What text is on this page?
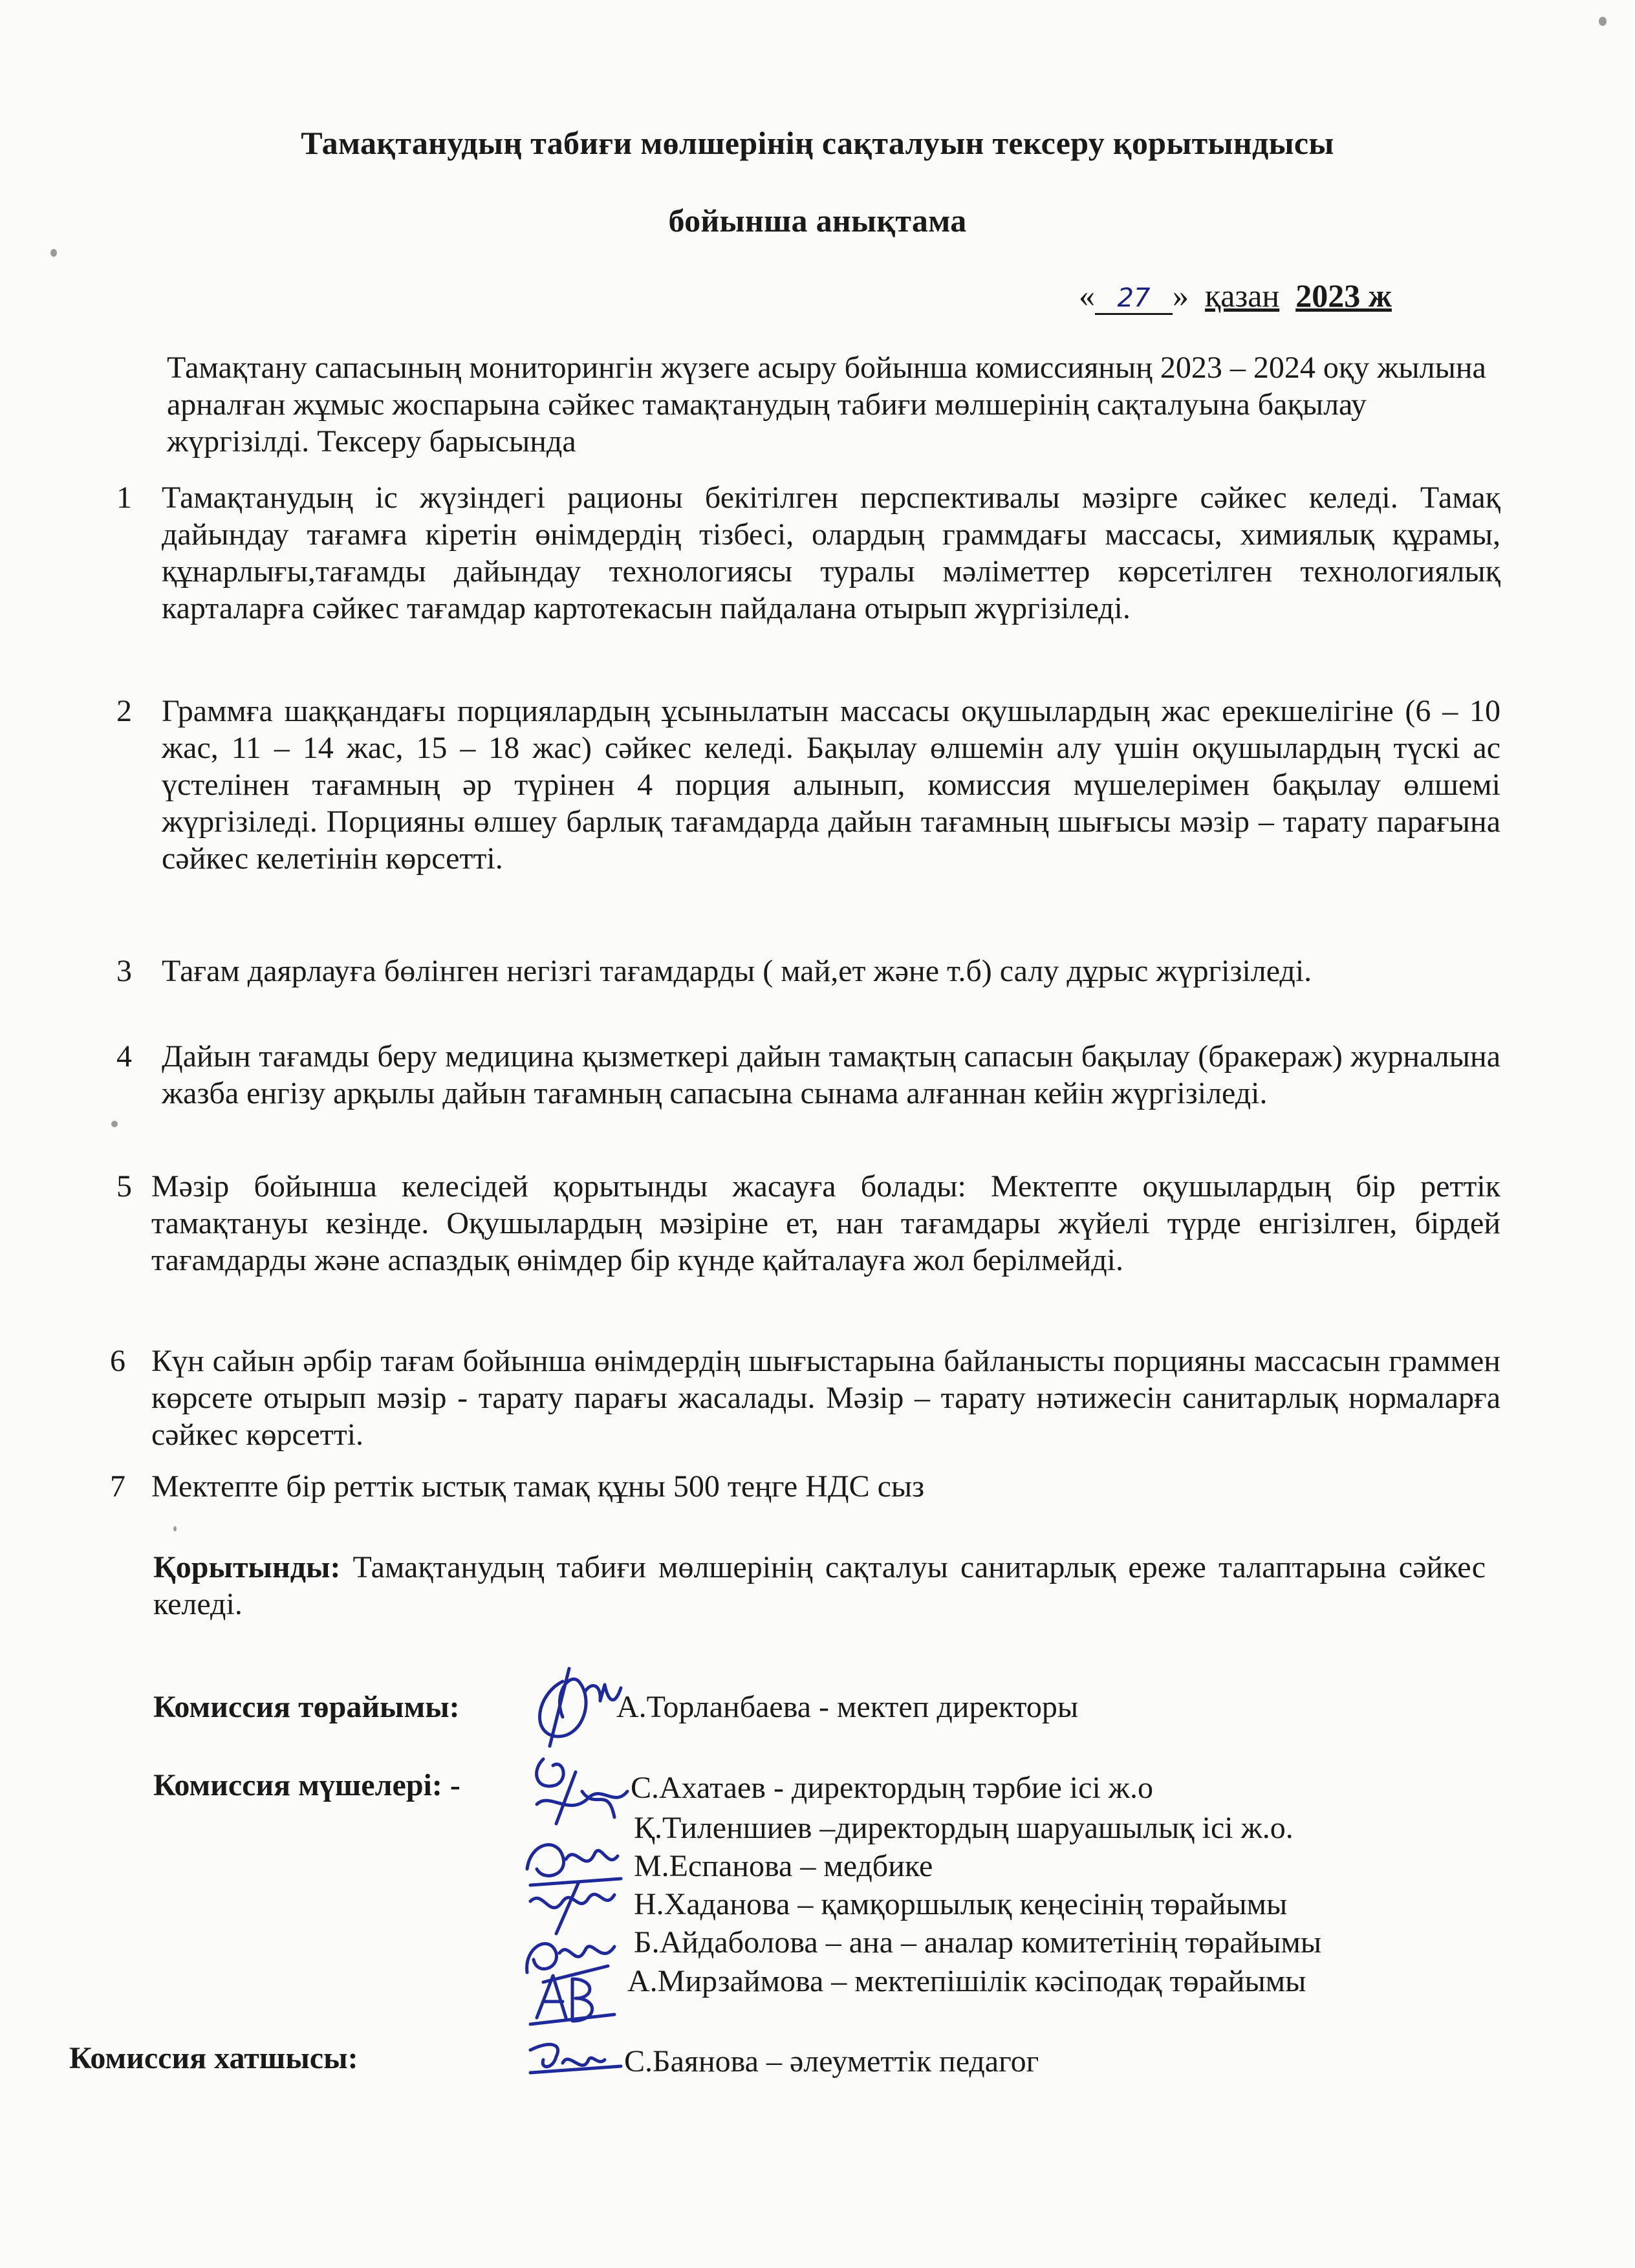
Тамақтанудың табиғи мөлшерінің сақталуын тексеру қорытындысы
бойынша анықтама
« 27 » қазан 2023 ж
Тамақтану сапасының мониторингін жүзеге асыру бойынша комиссияның 2023 – 2024 оқу жылына арналған жұмыс жоспарына сәйкес тамақтанудың табиғи мөлшерінің сақталуына бақылау жүргізілді. Тексеру барысында
1 Тамақтанудың іс жүзіндегі рационы бекітілген перспективалы мәзірге сәйкес келеді. Тамақ дайындау тағамға кіретін өнімдердің тізбесі, олардың граммдағы массасы, химиялық құрамы, құнарлығы,тағамды дайындау технологиясы туралы мәліметтер көрсетілген технологиялық карталарға сәйкес тағамдар картотекасын пайдалана отырып жүргізіледі.
2 Граммға шаққандағы порциялардың ұсынылатын массасы оқушылардың жас ерекшелігіне (6 – 10 жас, 11 – 14 жас, 15 – 18 жас) сәйкес келеді. Бақылау өлшемін алу үшін оқушылардың түскі ас үстелінен тағамның әр түрінен 4 порция алынып, комиссия мүшелерімен бақылау өлшемі жүргізіледі. Порцияны өлшеу барлық тағамдарда дайын тағамның шығысы мәзір – тарату парағына сәйкес келетінін көрсетті.
3 Тағам даярлауға бөлінген негізгі тағамдарды ( май,ет және т.б) салу дұрыс жүргізіледі.
4 Дайын тағамды беру медицина қызметкері дайын тамақтың сапасын бақылау (бракераж) журналына жазба енгізу арқылы дайын тағамның сапасына сынама алғаннан кейін жүргізіледі.
5 Мәзір бойынша келесідей қорытынды жасауға болады: Мектепте оқушылардың бір реттік тамақтануы кезінде. Оқушылардың мәзіріне ет, нан тағамдары жүйелі түрде енгізілген, бірдей тағамдарды және аспаздық өнімдер бір күнде қайталауға жол берілмейді.
6 Күн сайын әрбір тағам бойынша өнімдердің шығыстарына байланысты порцияны массасын граммен көрсете отырып мәзір - тарату парағы жасалады. Мәзір – тарату нәтижесін санитарлық нормаларға сәйкес көрсетті.
7 Мектепте бір реттік ыстық тамақ құны 500 теңге НДС сыз
Қорытынды: Тамақтанудың табиғи мөлшерінің сақталуы санитарлық ереже талаптарына сәйкес келеді.
Комиссия төрайымы:	А.Торланбаева - мектеп директоры
Комиссия мүшелері: -	С.Ахатаев - директордың тәрбие ісі ж.о
Қ.Тиленшиев –директордың шаруашылық ісі ж.о.
М.Еспанова – медбике
Н.Хаданова – қамқоршылық кеңесінің төрайымы
Б.Айдаболова – ана – аналар комитетінің төрайымы
А.Мирзаймова – мектепішілік кәсіподақ төрайымы
Комиссия хатшысы:	С.Баянова – әлеуметтік педагог
